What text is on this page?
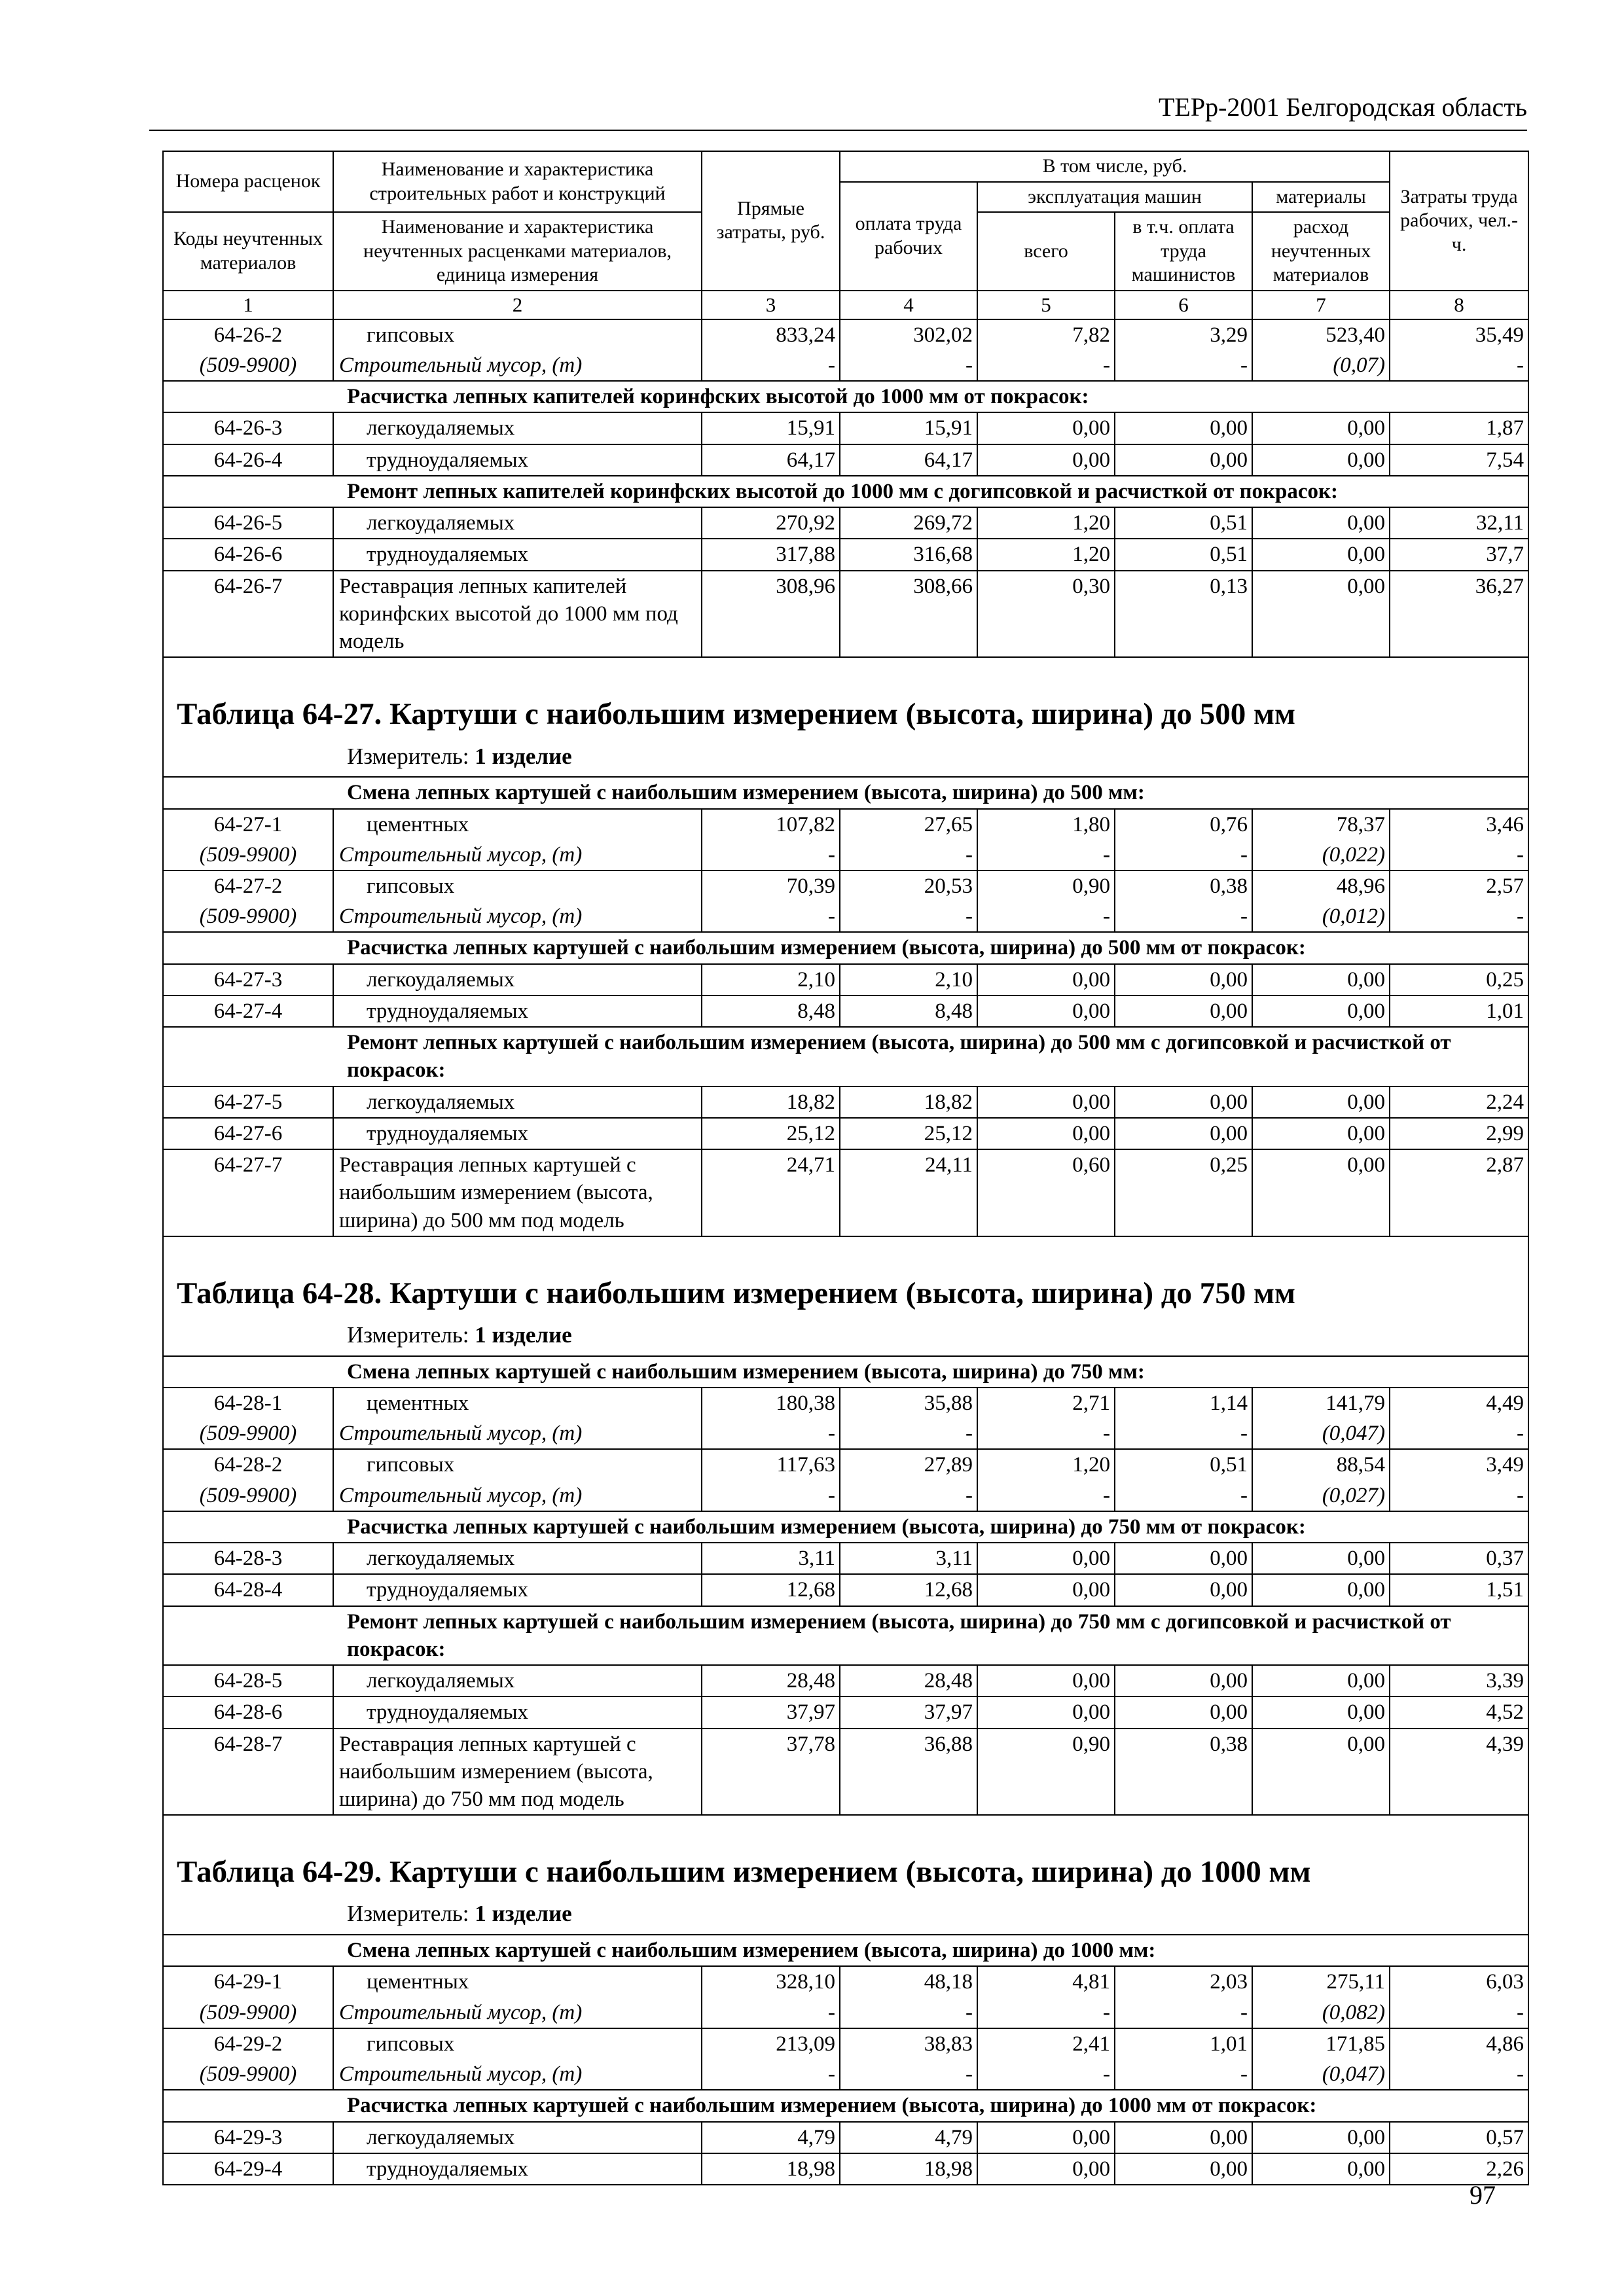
ТЕРр-2001 Белгородская область
Номера расценок	Наименование и характеристика строительных работ и конструкций	Прямые затраты, руб.	В том числе, руб.				Затраты труда рабочих, чел.-ч.
			оплата труда рабочих	эксплуатация машин		материалы	
Коды неучтенных материалов	Наименование и характеристика неучтенных расценками материалов, единица измерения			всего	в т.ч. оплата труда машинистов	расход неучтенных материалов	

1	2	3	4	5	6	7	8
64-26-2	гипсовых	833,24	302,02	7,82	3,29	523,40	35,49
(509-9900)	Строительный мусор, (т)	-	-	-	-	(0,07)	-
Расчистка лепных капителей коринфских высотой до 1000 мм от покрасок:							
64-26-3	легкоудаляемых	15,91	15,91	0,00	0,00	0,00	1,87
64-26-4	трудноудаляемых	64,17	64,17	0,00	0,00	0,00	7,54
Ремонт лепных капителей коринфских высотой до 1000 мм с догипсовкой и расчисткой от покрасок:							
64-26-5	легкоудаляемых	270,92	269,72	1,20	0,51	0,00	32,11
64-26-6	трудноудаляемых	317,88	316,68	1,20	0,51	0,00	37,7
64-26-7	Реставрация лепных капителей коринфских высотой до 1000 мм под модель	308,96	308,66	0,30	0,13	0,00	36,27

Таблица 64-27. Картуши с наибольшим измерением (высота, ширина) до 500 мм
Измеритель: 1 изделие							

Смена лепных картушей с наибольшим измерением (высота, ширина) до 500 мм:							
64-27-1	цементных	107,82	27,65	1,80	0,76	78,37	3,46
(509-9900)	Строительный мусор, (т)	-	-	-	-	(0,022)	-
64-27-2	гипсовых	70,39	20,53	0,90	0,38	48,96	2,57
(509-9900)	Строительный мусор, (т)	-	-	-	-	(0,012)	-
Расчистка лепных картушей с наибольшим измерением (высота, ширина) до 500 мм от покрасок:							
64-27-3	легкоудаляемых	2,10	2,10	0,00	0,00	0,00	0,25
64-27-4	трудноудаляемых	8,48	8,48	0,00	0,00	0,00	1,01
Ремонт лепных картушей с наибольшим измерением (высота, ширина) до 500 мм с догипсовкой и расчисткой от покрасок:							
64-27-5	легкоудаляемых	18,82	18,82	0,00	0,00	0,00	2,24
64-27-6	трудноудаляемых	25,12	25,12	0,00	0,00	0,00	2,99
64-27-7	Реставрация лепных картушей с наибольшим измерением (высота, ширина) до 500 мм под модель	24,71	24,11	0,60	0,25	0,00	2,87

Таблица 64-28. Картуши с наибольшим измерением (высота, ширина) до 750 мм
Измеритель: 1 изделие							

Смена лепных картушей с наибольшим измерением (высота, ширина) до 750 мм:							
64-28-1	цементных	180,38	35,88	2,71	1,14	141,79	4,49
(509-9900)	Строительный мусор, (т)	-	-	-	-	(0,047)	-
64-28-2	гипсовых	117,63	27,89	1,20	0,51	88,54	3,49
(509-9900)	Строительный мусор, (т)	-	-	-	-	(0,027)	-
Расчистка лепных картушей с наибольшим измерением (высота, ширина) до 750 мм от покрасок:							
64-28-3	легкоудаляемых	3,11	3,11	0,00	0,00	0,00	0,37
64-28-4	трудноудаляемых	12,68	12,68	0,00	0,00	0,00	1,51
Ремонт лепных картушей с наибольшим измерением (высота, ширина) до 750 мм с догипсовкой и расчисткой от покрасок:							
64-28-5	легкоудаляемых	28,48	28,48	0,00	0,00	0,00	3,39
64-28-6	трудноудаляемых	37,97	37,97	0,00	0,00	0,00	4,52
64-28-7	Реставрация лепных картушей с наибольшим измерением (высота, ширина) до 750 мм под модель	37,78	36,88	0,90	0,38	0,00	4,39

Таблица 64-29. Картуши с наибольшим измерением (высота, ширина) до 1000 мм
Измеритель: 1 изделие							

Смена лепных картушей с наибольшим измерением (высота, ширина) до 1000 мм:							
64-29-1	цементных	328,10	48,18	4,81	2,03	275,11	6,03
(509-9900)	Строительный мусор, (т)	-	-	-	-	(0,082)	-
64-29-2	гипсовых	213,09	38,83	2,41	1,01	171,85	4,86
(509-9900)	Строительный мусор, (т)	-	-	-	-	(0,047)	-
Расчистка лепных картушей с наибольшим измерением (высота, ширина) до 1000 мм от покрасок:							
64-29-3	легкоудаляемых	4,79	4,79	0,00	0,00	0,00	0,57
64-29-4	трудноудаляемых	18,98	18,98	0,00	0,00	0,00	2,26
97
